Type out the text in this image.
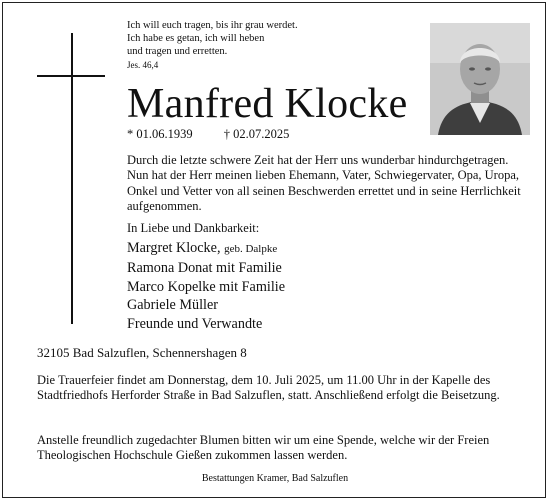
Ich will euch tragen, bis ihr grau werdet.
Ich habe es getan, ich will heben
und tragen und erretten.
Jes. 46,4
Manfred Klocke
* 01.06.1939 † 02.07.2025
Durch die letzte schwere Zeit hat der Herr uns wunderbar hindurchgetragen. Nun hat der Herr meinen lieben Ehemann, Vater, Schwiegervater, Opa, Uropa, Onkel und Vetter von all seinen Beschwerden errettet und in seine Herrlichkeit aufgenommen.
In Liebe und Dankbarkeit:
Margret Klocke, geb. Dalpke
Ramona Donat mit Familie
Marco Kopelke mit Familie
Gabriele Müller
Freunde und Verwandte
32105 Bad Salzuflen, Schennershagen 8
Die Trauerfeier findet am Donnerstag, dem 10. Juli 2025, um 11.00 Uhr in der Kapelle des Stadtfriedhofs Herforder Straße in Bad Salzuflen, statt. Anschließend erfolgt die Beisetzung.
Anstelle freundlich zugedachter Blumen bitten wir um eine Spende, welche wir der Freien Theologischen Hochschule Gießen zukommen lassen werden.
Bestattungen Kramer, Bad Salzuflen
